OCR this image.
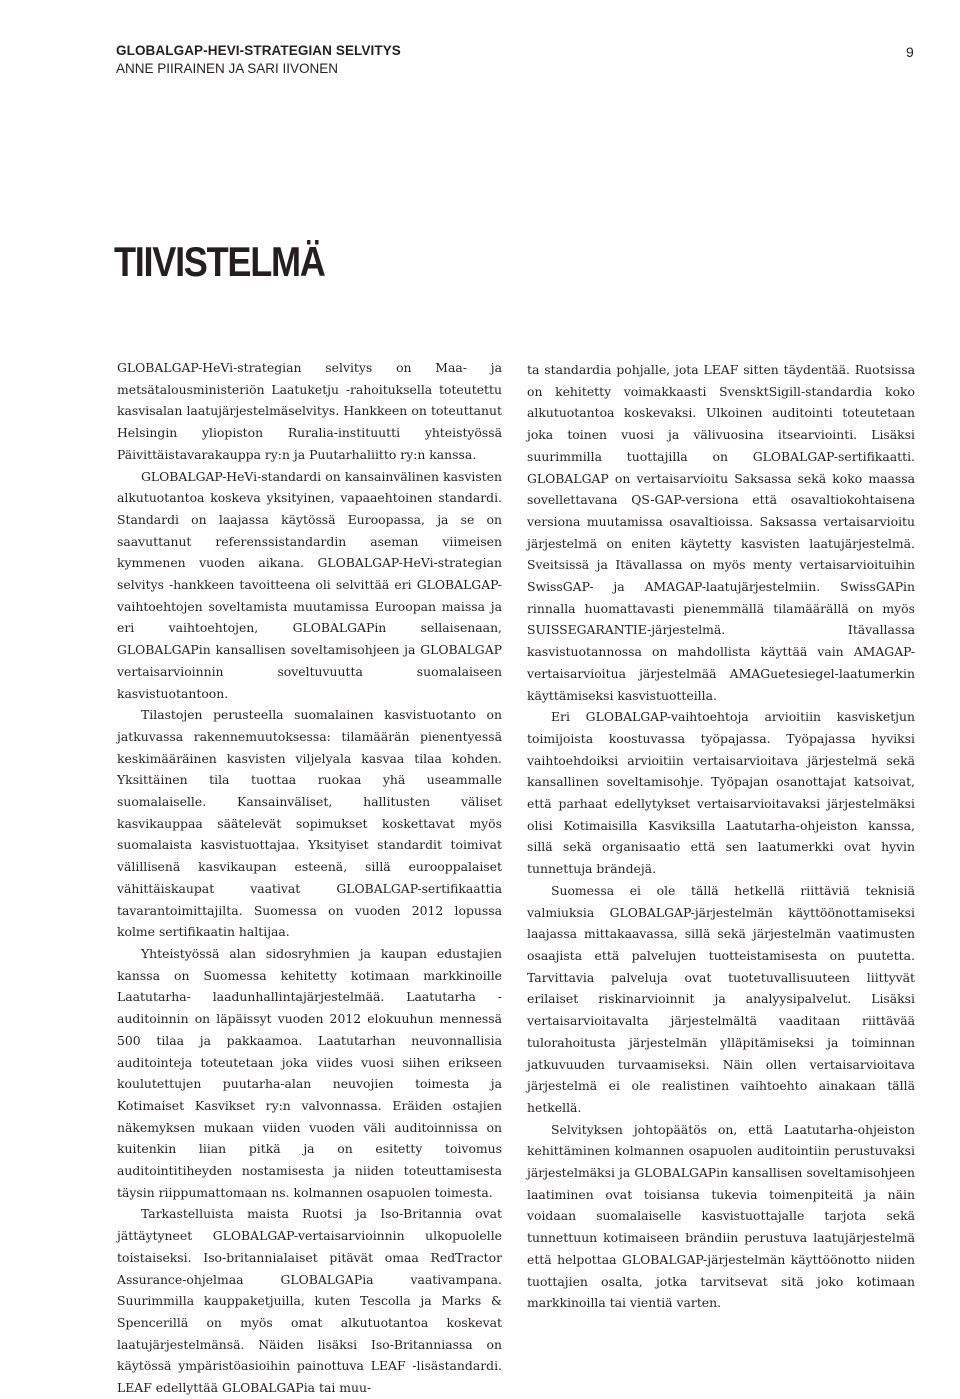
GLOBALGAP-HEVI-STRATEGIAN SELVITYS

ANNE PIIRAINEN JA SARI IIVONEN

9
TIIVISTELMÄ

GLOBALGAP-HeVi-strategian selvitys on Maa- ja metsätalousministeriön Laatuketju -rahoituksella toteutettu kasvisalan laatujärjestelmäselvitys. Hankkeen on toteuttanut Helsingin yliopiston Ruralia-instituutti yhteistyössä Päivittäistavarakauppa ry:n ja Puutarhaliitto ry:n kanssa.

GLOBALGAP-HeVi-standardi on kansainvälinen kasvisten alkutuotantoa koskeva yksityinen, vapaaehtoinen standardi. Standardi on laajassa käytössä Euroopassa, ja se on saavuttanut referenssistandardin aseman viimeisen kymmenen vuoden aikana. GLOBALGAP-HeVi-strategian selvitys -hankkeen tavoitteena oli selvittää eri GLOBALGAP-vaihtoehtojen soveltamista muutamissa Euroopan maissa ja eri vaihtoehtojen, GLOBALGAPin sellaisenaan, GLOBALGAPin kansallisen soveltamisohjeen ja GLOBALGAP vertaisarvioinnin soveltuvuutta suomalaiseen kasvistuotantoon.

Tilastojen perusteella suomalainen kasvistuotanto on jatkuvassa rakennemuutoksessa: tilamäärän pienentyessä keskimääräinen kasvisten viljelyala kasvaa tilaa kohden. Yksittäinen tila tuottaa ruokaa yhä useammalle suomalaiselle. Kansainväliset, hallitusten väliset kasvikauppaa säätelevät sopimukset koskettavat myös suomalaista kasvistuottajaa. Yksityiset standardit toimivat välillisenä kasvikaupan esteenä, sillä eurooppalaiset vähittäiskaupat vaativat GLOBALGAP-sertifikaattia tavarantoimittajilta. Suomessa on vuoden 2012 lopussa kolme sertifikaatin haltijaa.

Yhteistyössä alan sidosryhmien ja kaupan edustajien kanssa on Suomessa kehitetty kotimaan markkinoille Laatutarha- laadunhallintajärjestelmää. Laatutarha -auditoinnin on läpäissyt vuoden 2012 elokuuhun mennessä 500 tilaa ja pakkaamoa. Laatutarhan neuvonnallisia auditointeja toteutetaan joka viides vuosi siihen erikseen koulutettujen puutarha-alan neuvojien toimesta ja Kotimaiset Kasvikset ry:n valvonnassa. Eräiden ostajien näkemyksen mukaan viiden vuoden väli auditoinnissa on kuitenkin liian pitkä ja on esitetty toivomus auditointitiheyden nostamisesta ja niiden toteuttamisesta täysin riippumattomaan ns. kolmannen osapuolen toimesta.

Tarkastelluista maista Ruotsi ja Iso-Britannia ovat jättäytyneet GLOBALGAP-vertaisarvioinnin ulkopuolelle toistaiseksi. Iso-britannialaiset pitävät omaa RedTractor Assurance-ohjelmaa GLOBALGAPia vaativampana. Suurimmilla kauppaketjuilla, kuten Tescolla ja Marks & Spencerillä on myös omat alkutuotantoa koskevat laatujärjestelmänsä. Näiden lisäksi Iso-Britanniassa on käytössä ympäristöasioihin painottuva LEAF -lisästandardi. LEAF edellyttää GLOBALGAPia tai muu-

ta standardia pohjalle, jota LEAF sitten täydentää. Ruotsissa on kehitetty voimakkaasti SvensktSigill-standardia koko alkutuotantoa koskevaksi. Ulkoinen auditointi toteutetaan joka toinen vuosi ja välivuosina itsearviointi. Lisäksi suurimmilla tuottajilla on GLOBALGAP-sertifikaatti. GLOBALGAP on vertaisarvioitu Saksassa sekä koko maassa sovellettavana QS-GAP-versiona että osavaltiokohtaisena versiona muutamissa osavaltioissa. Saksassa vertaisarvioitu järjestelmä on eniten käytetty kasvisten laatujärjestelmä. Sveitsissä ja Itävallassa on myös menty vertaisarvioituihin SwissGAP- ja AMAGAP-laatujärjestelmiin. SwissGAPin rinnalla huomattavasti pienemmällä tilamäärällä on myös SUISSEGARANTIE-järjestelmä. Itävallassa kasvistuotannossa on mahdollista käyttää vain AMAGAP-vertaisarvioitua järjestelmää AMAGuetesiegel-laatumerkin käyttämiseksi kasvistuotteilla.

Eri GLOBALGAP-vaihtoehtoja arvioitiin kasvisketjun toimijoista koostuvassa työpajassa. Työpajassa hyviksi vaihtoehdoiksi arvioitiin vertaisarvioitava järjestelmä sekä kansallinen soveltamisohje. Työpajan osanottajat katsoivat, että parhaat edellytykset vertaisarvioitavaksi järjestelmäksi olisi Kotimaisilla Kasviksilla Laatutarha-ohjeiston kanssa, sillä sekä organisaatio että sen laatumerkki ovat hyvin tunnettuja brändejä.

Suomessa ei ole tällä hetkellä riittäviä teknisiä valmiuksia GLOBALGAP-järjestelmän käyttöönottamiseksi laajassa mittakaavassa, sillä sekä järjestelmän vaatimusten osaajista että palvelujen tuotteistamisesta on puutetta. Tarvittavia palveluja ovat tuotetuvallisuuteen liittyvät erilaiset riskinarvioinnit ja analyysipalvelut. Lisäksi vertaisarvioitavalta järjestelmältä vaaditaan riittävää tulorahoitusta järjestelmän ylläpitämiseksi ja toiminnan jatkuvuuden turvaamiseksi. Näin ollen vertaisarvioitava järjestelmä ei ole realistinen vaihtoehto ainakaan tällä hetkellä.

Selvityksen johtopäätös on, että Laatutarha-ohjeiston kehittäminen kolmannen osapuolen auditointiin perustuvaksi järjestelmäksi ja GLOBALGAPin kansallisen soveltamisohjeen laatiminen ovat toisiansa tukevia toimenpiteitä ja näin voidaan suomalaiselle kasvistuottajalle tarjota sekä tunnettuun kotimaiseen brändiin perustuva laatujärjestelmä että helpottaa GLOBALGAP-järjestelmän käyttöönotto niiden tuottajien osalta, jotka tarvitsevat sitä joko kotimaan markkinoilla tai vientiä varten.
